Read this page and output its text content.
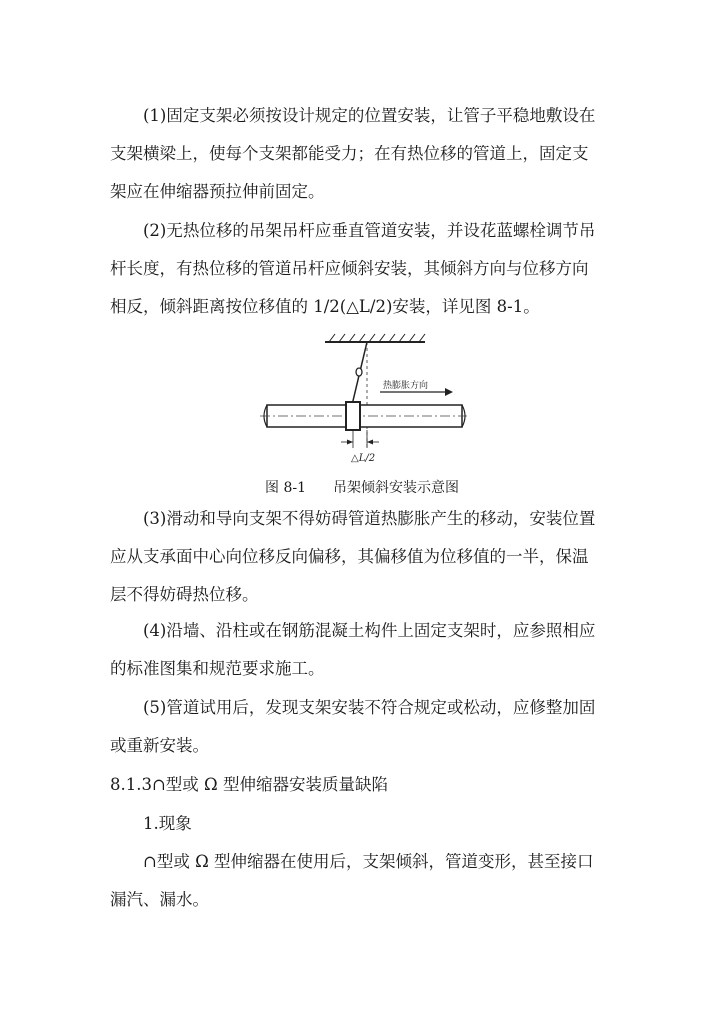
(1)固定支架必须按设计规定的位置安装，让管子平稳地敷设在
支架横梁上，使每个支架都能受力；在有热位移的管道上，固定支
架应在伸缩器预拉伸前固定。

(2)无热位移的吊架吊杆应垂直管道安装，并设花蓝螺栓调节吊
杆长度，有热位移的管道吊杆应倾斜安装，其倾斜方向与位移方向
相反，倾斜距离按位移值的 1/2(△L/2)安装，详见图 8-1。

热膨胀方向
△L/2
图 8-1 吊架倾斜安装示意图

(3)滑动和导向支架不得妨碍管道热膨胀产生的移动，安装位置
应从支承面中心向位移反向偏移，其偏移值为位移值的一半，保温
层不得妨碍热位移。

(4)沿墙、沿柱或在钢筋混凝土构件上固定支架时，应参照相应
的标准图集和规范要求施工。

(5)管道试用后，发现支架安装不符合规定或松动，应修整加固
或重新安装。

8.1.3∩型或 Ω 型伸缩器安装质量缺陷
1.现象

∩型或 Ω 型伸缩器在使用后，支架倾斜，管道变形，甚至接口
漏汽、漏水。
